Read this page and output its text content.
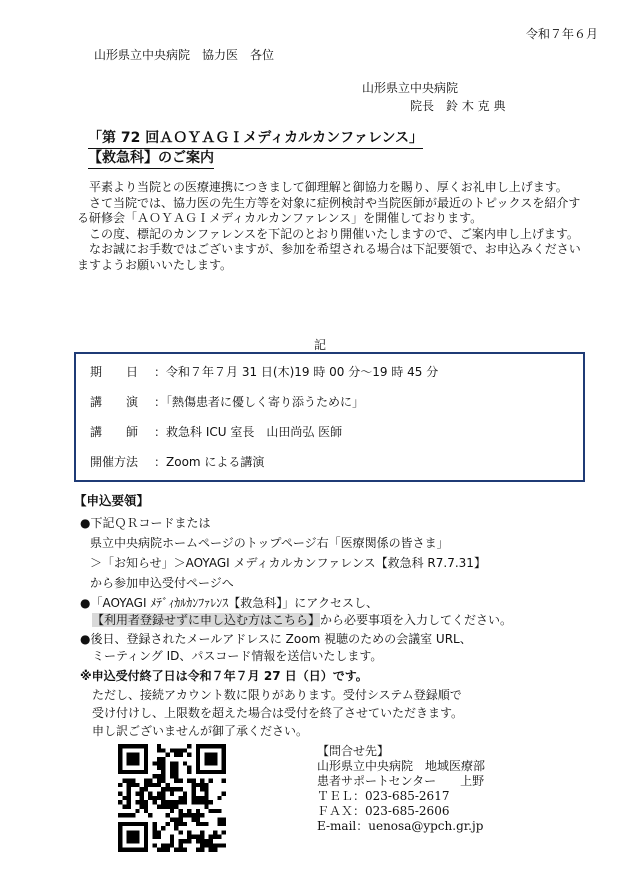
令和７年６月
山形県立中央病院　協力医　各位
山形県立中央病院
院長　鈴 木 克 典
「第 72 回ＡＯＹＡＧＩメディカルカンファレンス」
【救急科】のご案内

平素より当院との医療連携につきまして御理解と御協力を賜り、厚くお礼申し上げます。

さて当院では、協力医の先生方等を対象に症例検討や当院医師が最近のトピックスを紹介する研修会「ＡＯＹＡＧＩメディカルカンファレンス」を開催しております。

この度、標記のカンファレンスを下記のとおり開催いたしますので、ご案内申し上げます。

なお誠にお手数ではございますが、参加を希望される場合は下記要領で、お申込みくださいますようお願いいたします。

記
期　　日 ：令和７年７月 31 日(木)19 時 00 分～19 時 45 分
講　　演 ：「熱傷患者に優しく寄り添うために」
講　　師 ：救急科 ICU 室長　山田尚弘 医師
開催方法 ：Zoom による講演
【申込要領】
●下記ＱＲコードまたは
県立中央病院ホームページのトップページ右「医療関係の皆さま」
＞「お知らせ」＞AOYAGI メディカルカンファレンス【救急科 R7.7.31】
から参加申込受付ページへ
●「AOYAGI ﾒﾃﾞｨｶﾙｶﾝﾌｧﾚﾝｽ【救急科】」にアクセスし、
【利用者登録せずに申し込む方はこちら】から必要事項を入力してください。
●後日、登録されたメールアドレスに Zoom 視聴のための会議室 URL、
ミーティング ID、パスコード情報を送信いたします。
※申込受付終了日は令和７年７月 27 日（日）です。
ただし、接続アカウント数に限りがあります。受付システム登録順で
受け付けし、上限数を超えた場合は受付を終了させていただきます。
申し訳ございませんが御了承ください。
【問合せ先】
山形県立中央病院　地域医療部
患者サポートセンター　　上野
ＴＥＬ：023-685-2617
ＦＡＸ：023-685-2606
E-mail：uenosa@ypch.gr.jp
